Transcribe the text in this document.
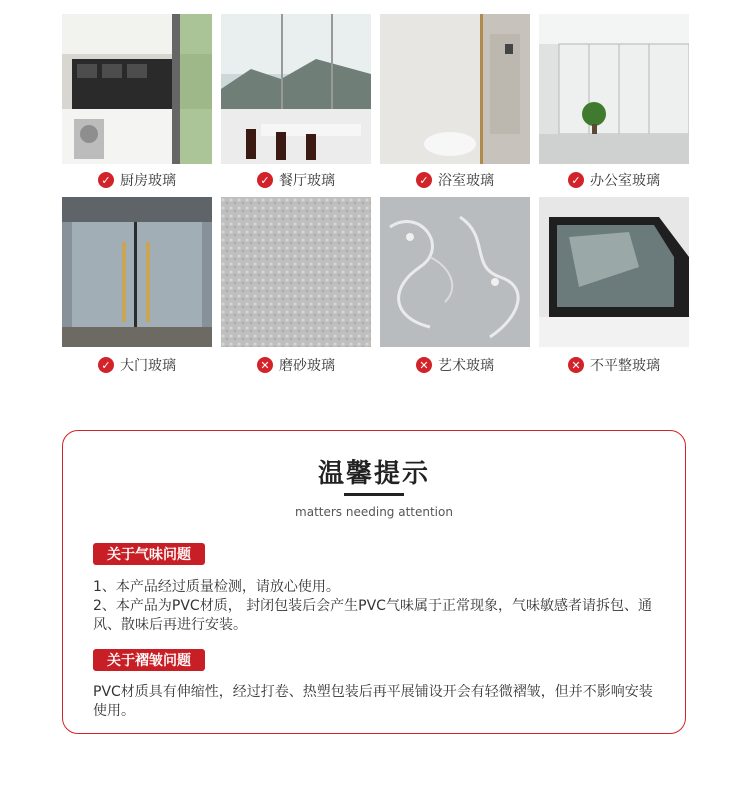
✓ 厨房玻璃	✓ 餐厅玻璃	✓ 浴室玻璃	✓ 办公室玻璃
✓ 大门玻璃	✕ 磨砂玻璃	✕ 艺术玻璃	✕ 不平整玻璃
温馨提示
matters needing attention
关于气味问题
1、本产品经过质量检测，请放心使用。
2、本产品为PVC材质， 封闭包装后会产生PVC气味属于正常现象，气味敏感者请拆包、通风、散味后再进行安装。
关于褶皱问题
PVC材质具有伸缩性，经过打卷、热塑包装后再平展铺设开会有轻微褶皱，但并不影响安装使用。
